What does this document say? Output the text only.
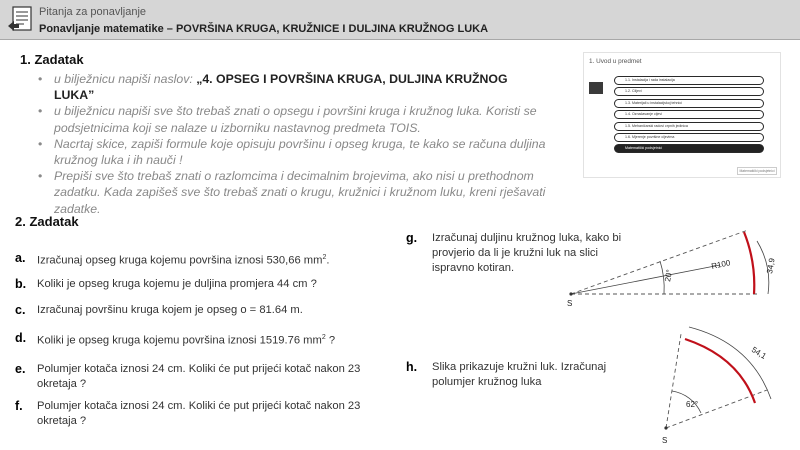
Pitanja za ponavljanje
Ponavljanje matematike – POVRŠINA KRUGA, KRUŽNICE I DULJINA KRUŽNOG LUKA
1. Zadatak
• u bilježnicu napiši naslov: „4. OPSEG I POVRŠINA KRUGA, DULJINA KRUŽNOG LUKA”
• u bilježnicu napiši sve što trebaš znati o opsegu i površini kruga i kružnog luka. Koristi se podsjetnicima koji se nalaze u izborniku nastavnog predmeta TOIS.
• Nacrtaj skice, zapiši formule koje opisuju površinu i opseg kruga, te kako se računa duljina kružnog luka i ih nauči !
• Prepiši sve što trebaš znati o razlomcima i decimalnim brojevima, ako nisi u prethodnom zadatku. Kada zapišeš sve što trebaš znati o krugu, kružnici i kružnom luku, kreni rješavati zadatke.
1. Uvod u predmet
1.1. Instalacija i rada instalacija
1.2. Ciljevi
1.3. Materijali u instalacijskoj tehnici
1.4. Označavanje cijevi
1.5. Mehaničarski radovi crpnih jedinica
1.6. Mjerenje površine cijevima
Matematički podsjetnici
Matematički podsjetnici
2. Zadatak
a.	Izračunaj opseg kruga kojemu površina iznosi 530,66 $mm^2$.
b. Koliki je opseg kruga kojemu je duljina promjera 44 cm ?
c.	Izračunaj površinu kruga kojem je opseg o = 81.64 m.
d. Koliki je opseg kruga kojemu površina iznosi 1519.76 $mm^2$ ?
e.	Polumjer kotača iznosi 24 cm. Koliki će put prijeći kotač nakon 23 okretaja ?
f.	Polumjer kotača iznosi 24 cm. Koliki će put prijeći kotač nakon 23 okretaja ?
g.	Izračunaj duljinu kružnog luka, kako bi provjerio da li je kružni luk na slici ispravno kotiran.
h.	Slika prikazuje kružni luk. Izračunaj polumjer kružnog luka
S
20°
R100	34,9
S
62°
54,1
